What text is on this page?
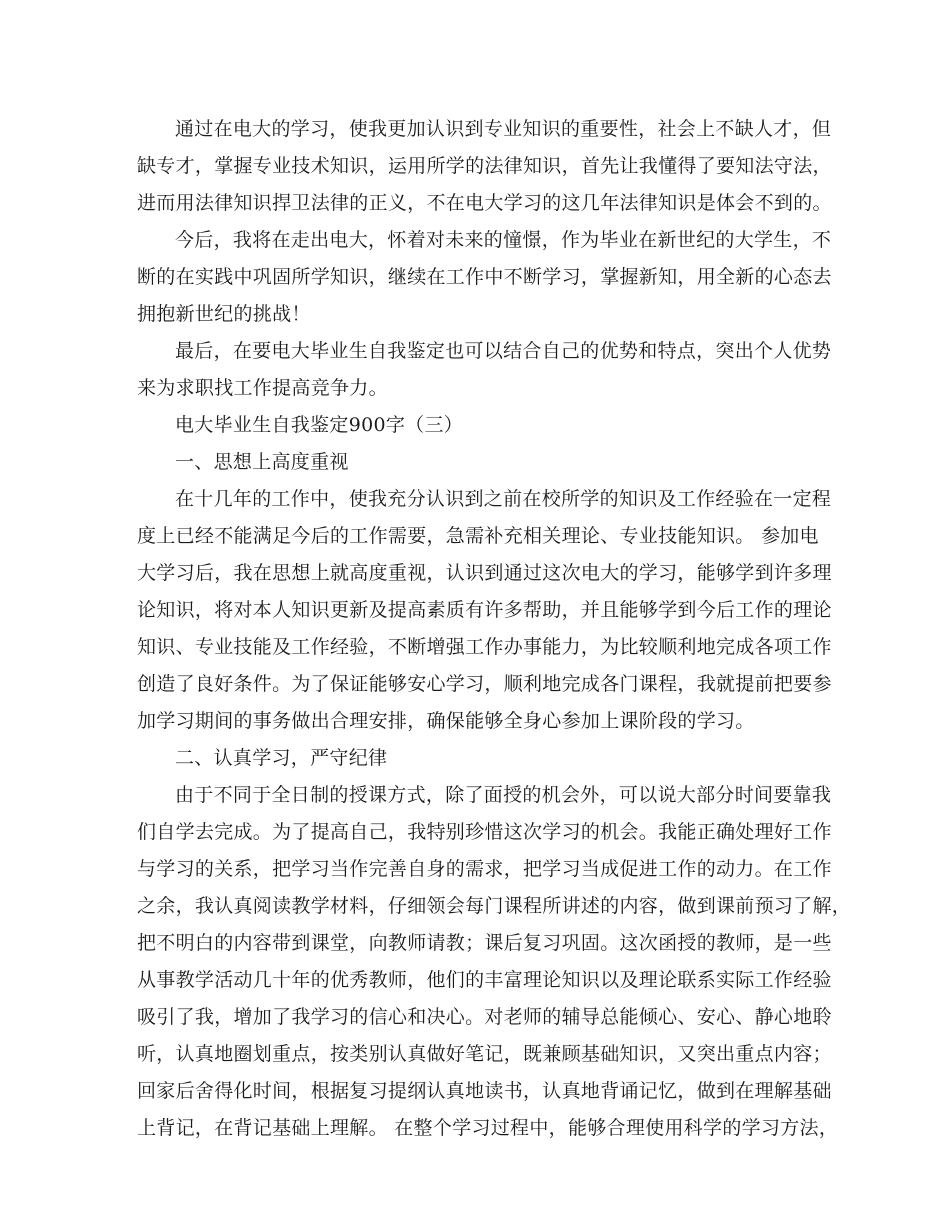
通过在电大的学习，使我更加认识到专业知识的重要性，社会上不缺人才，但
缺专才，掌握专业技术知识，运用所学的法律知识，首先让我懂得了要知法守法，
进而用法律知识捍卫法律的正义，不在电大学习的这几年法律知识是体会不到的。
今后，我将在走出电大，怀着对未来的憧憬，作为毕业在新世纪的大学生，不
断的在实践中巩固所学知识，继续在工作中不断学习，掌握新知，用全新的心态去
拥抱新世纪的挑战！
最后，在要电大毕业生自我鉴定也可以结合自己的优势和特点，突出个人优势
来为求职找工作提高竞争力。
电大毕业生自我鉴定900字（三）
一、思想上高度重视
在十几年的工作中，使我充分认识到之前在校所学的知识及工作经验在一定程
度上已经不能满足今后的工作需要，急需补充相关理论、专业技能知识。 参加电
大学习后，我在思想上就高度重视，认识到通过这次电大的学习，能够学到许多理
论知识，将对本人知识更新及提高素质有许多帮助，并且能够学到今后工作的理论
知识、专业技能及工作经验，不断增强工作办事能力，为比较顺利地完成各项工作
创造了良好条件。为了保证能够安心学习，顺利地完成各门课程，我就提前把要参
加学习期间的事务做出合理安排，确保能够全身心参加上课阶段的学习。
二、认真学习，严守纪律
由于不同于全日制的授课方式，除了面授的机会外，可以说大部分时间要靠我
们自学去完成。为了提高自己，我特别珍惜这次学习的机会。我能正确处理好工作
与学习的关系，把学习当作完善自身的需求，把学习当成促进工作的动力。在工作
之余，我认真阅读教学材料，仔细领会每门课程所讲述的内容，做到课前预习了解，
把不明白的内容带到课堂，向教师请教；课后复习巩固。这次函授的教师，是一些
从事教学活动几十年的优秀教师，他们的丰富理论知识以及理论联系实际工作经验
吸引了我，增加了我学习的信心和决心。对老师的辅导总能倾心、安心、静心地聆
听，认真地圈划重点，按类别认真做好笔记，既兼顾基础知识，又突出重点内容；
回家后舍得化时间，根据复习提纲认真地读书，认真地背诵记忆，做到在理解基础
上背记，在背记基础上理解。 在整个学习过程中，能够合理使用科学的学习方法，
